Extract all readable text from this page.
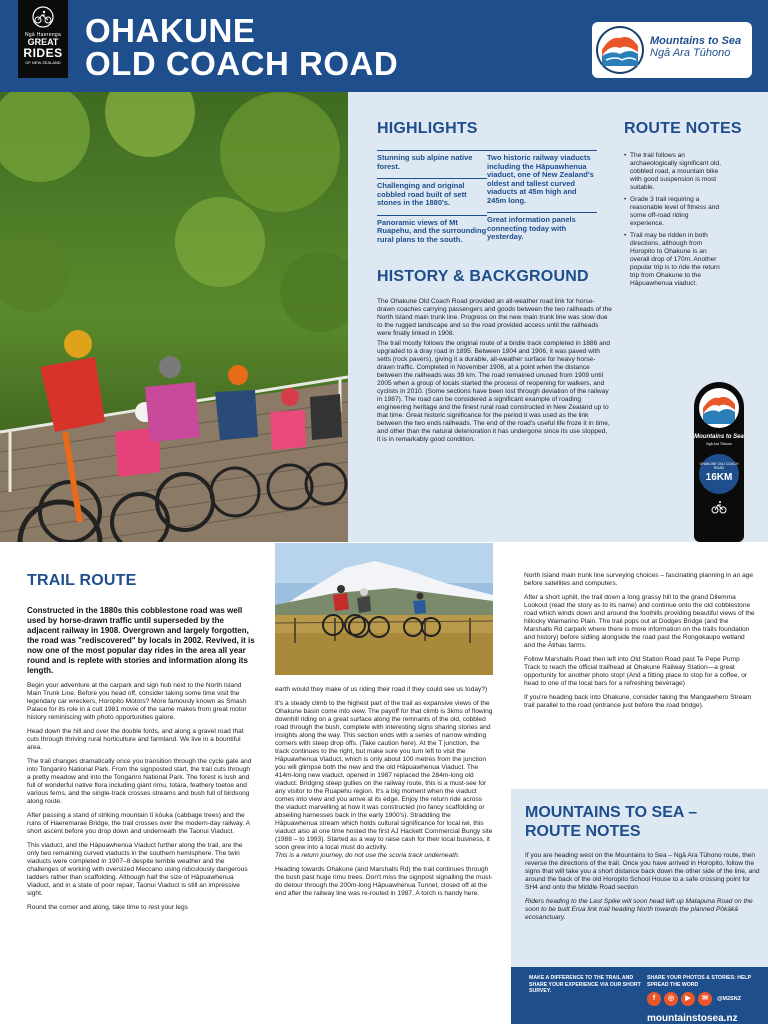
Ngā Haerenga
GREAT
RIDES
OF NEW ZEALAND
OHAKUNE
OLD COACH ROAD
Mountains to Sea
Ngā Ara Tūhono
HIGHLIGHTS
Stunning sub alpine native forest.
Challenging and original cobbled road built of sett stones in the 1880's.
Panoramic views of Mt Ruapehu, and the surrounding rural plans to the south.
Two historic railway viaducts including the Hāpuawhenua viaduct, one of New Zealand's oldest and tallest curved viaducts at 45m high and 245m long.
Great information panels connecting today with yesterday.
HISTORY & BACKGROUND

The Ohakune Old Coach Road provided an all-weather road link for horse-drawn coaches carrying passengers and goods between the two railheads of the North Island main trunk line. Progress on the new main trunk line was slow due to the rugged landscape and so the road provided access until the railheads were finally linked in 1908.

The trail mostly follows the original route of a bridle track completed in 1886 and upgraded to a dray road in 1895. Between 1904 and 1906, it was paved with setts (rock pavers), giving it a durable, all-weather surface for heavy horse-drawn traffic. Completed in November 1906, at a point when the distance between the railheads was 39 km. The road remained unused from 1909 until 2005 when a group of locals started the process of reopening for walkers, and cyclists in 2010. (Some sections have been lost through deviation of the railway in 1987). The road can be considered a significant example of roading engineering heritage and the finest rural road constructed in New Zealand up to that time. Great historic significance for the period it was used as the link between the two ends railheads. The end of the road's useful life froze it in time, and other than the natural deterioration it has undergone since its use stopped, it is in remarkably good condition.

ROUTE NOTES
• The trail follows an archaeologically significant old, cobbled road, a mountain bike with good suspension is most suitable.
• Grade 3 trail requiring a reasonable level of fitness and some off-road riding experience.
• Trail may be ridden in both directions, although from Horopito to Ohakune is an overall drop of 170m. Another popular trip is to ride the return trip from Ohakune to the Hāpuawhenua viaduct.
Mountains to Sea
Ngā Ara Tūhono
OHAKUNE OLD COACH ROAD
16KM
TRAIL ROUTE

Constructed in the 1880s this cobblestone road was well used by horse-drawn traffic until superseded by the adjacent railway in 1908. Overgrown and largely forgotten, the road was "rediscovered" by locals in 2002. Revived, it is now one of the most popular day rides in the area all year round and is replete with stories and information along its length.

Begin your adventure at the carpark and sign hub next to the North Island Main Trunk Line. Before you head off, consider taking some time visit the legendary car wreckers, Horopito Motors? More famously known as Smash Palace for its role in a cult 1981 movie of the same makes from great motor history reminiscing with photo opportunities galore.

Head down the hill and over the double fords, and along a gravel road that cuts through thriving rural horticulture and farmland. We live in a bountiful area.

The trail changes dramatically once you transition through the cycle gate and into Tongariro National Park. From the signposted start, the trail cuts through a pretty meadow and into the Tongariro National Park. The forest is lush and full of wonderful native flora including giant rimu, totara, feathery toetoe and various ferns, and the single-track crosses streams and bush full of birdsong along route.

After passing a stand of striking mountain tī kōuka (cabbage trees) and the ruins of Haeremarae Bridge, the trail crosses over the modern-day railway. A short ascent before you drop down and underneath the Taonui Viaduct.

This viaduct, and the Hāpuawhenua Viaduct further along the trail, are the only two remaining curved viaducts in the southern hemisphere. The twin viaducts were completed in 1907–8 despite terrible weather and the challenges of working with oversized Meccano using ridiculously dangerous ladders rather than scaffolding. Although half the size of Hāpuawhenua Viaduct, and in a state of poor repair, Taonui Viaduct is still an impressive sight.

Round the corner and along, take time to rest your legs

earth would they make of us riding their road if they could see us today?)

It's a steady climb to the highest part of the trail as expansive views of the Ohakune basin come into view. The payoff for that climb is 3kms of flowing downhill riding on a great surface along the remnants of the old, cobbled road through the bush, complete with interesting signs sharing stories and insights along the way. This section ends with a series of narrow winding corners with steep drop offs. (Take caution here). At the T junction, the track continues to the right, but make sure you turn left to visit the Hāpuawhenua Viaduct, which is only about 100 metres from the junction you will glimpse both the new and the old Hāpuawhenua Viaduct. The 414m-long new viaduct, opened in 1987 replaced the 284m-long old viaduct. Bridging steep gullies on the railway route, this is a must-see for any visitor to the Ruapehu region. It's a big moment when the viaduct comes into view and you arrive at its edge. Enjoy the return ride across the viaduct marvelling at how it was constructed (no fancy scaffolding or abseiling harnesses back in the early 1900's). Straddling the Hāpuawhenua stream which holds cultural significance for local iwi, this viaduct also at one time hosted the first AJ Hackett Commercial Bungy site (1988 – to 1993). Started as a way to raise cash for their local business, it soon grew into a local must do activity.

This is a return journey, do not use the scoria track underneath.

Heading towards Ohakune (and Marshalls Rd) the trail continues through the bush past huge rimu trees. Don't miss the signpost signalling the must-do detour through the 200m-long Hāpuawhenua Tunnel, closed off at the end after the railway line was re-routed in 1987. A torch is handy here.

North Island main trunk line surveying choices – fascinating planning in an age before satellites and computers.

After a short uphill, the trail down a long grassy hill to the grand Dilemma Lookout (read the story as to its name) and continue onto the old cobblestone road which winds down and around the foothills providing beautiful views of the hillocky Waimarino Plain. The trail pops out at Dodges Bridge (and the Marshalls Rd carpark where there is more information on the trails foundation and history) before sidling alongside the road past the Rongokaupo wetland and the Ātihau farms.

Follow Marshalls Road then left into Old Station Road past Te Pepe Pump Track to reach the official trailhead at Ohakune Railway Station—a great opportunity for another photo stop! (And a fitting place to stop for a coffee, or head to one of the local bars for a refreshing beverage)

If you're heading back into Ohakune, consider taking the Mangawhero Stream trail parallel to the road (entrance just before the road bridge).

MOUNTAINS TO SEA –
ROUTE NOTES

If you are heading west on the Mountains to Sea – Ngā Ara Tūhono route, then reverse the directions of the trail. Once you have arrived in Horopito, follow the signs that will take you a short distance back down the other side of the line, and around the back of the old Horopito School House to a safe crossing point for SH4 and onto the Middle Road section

Riders heading to the Last Spike will soon head left up Matapuna Road on the soon to be built Erua link trail heading North towards the planned Pōkākā ecosanctuary.

MAKE A DIFFERENCE TO THE TRAIL AND SHARE YOUR EXPERIENCE VIA OUR SHORT SURVEY.
SHARE YOUR PHOTOS & STORIES: HELP SPREAD THE WORD
f	◎	▶	✉	@M2SNZ
mountainstosea.nz
